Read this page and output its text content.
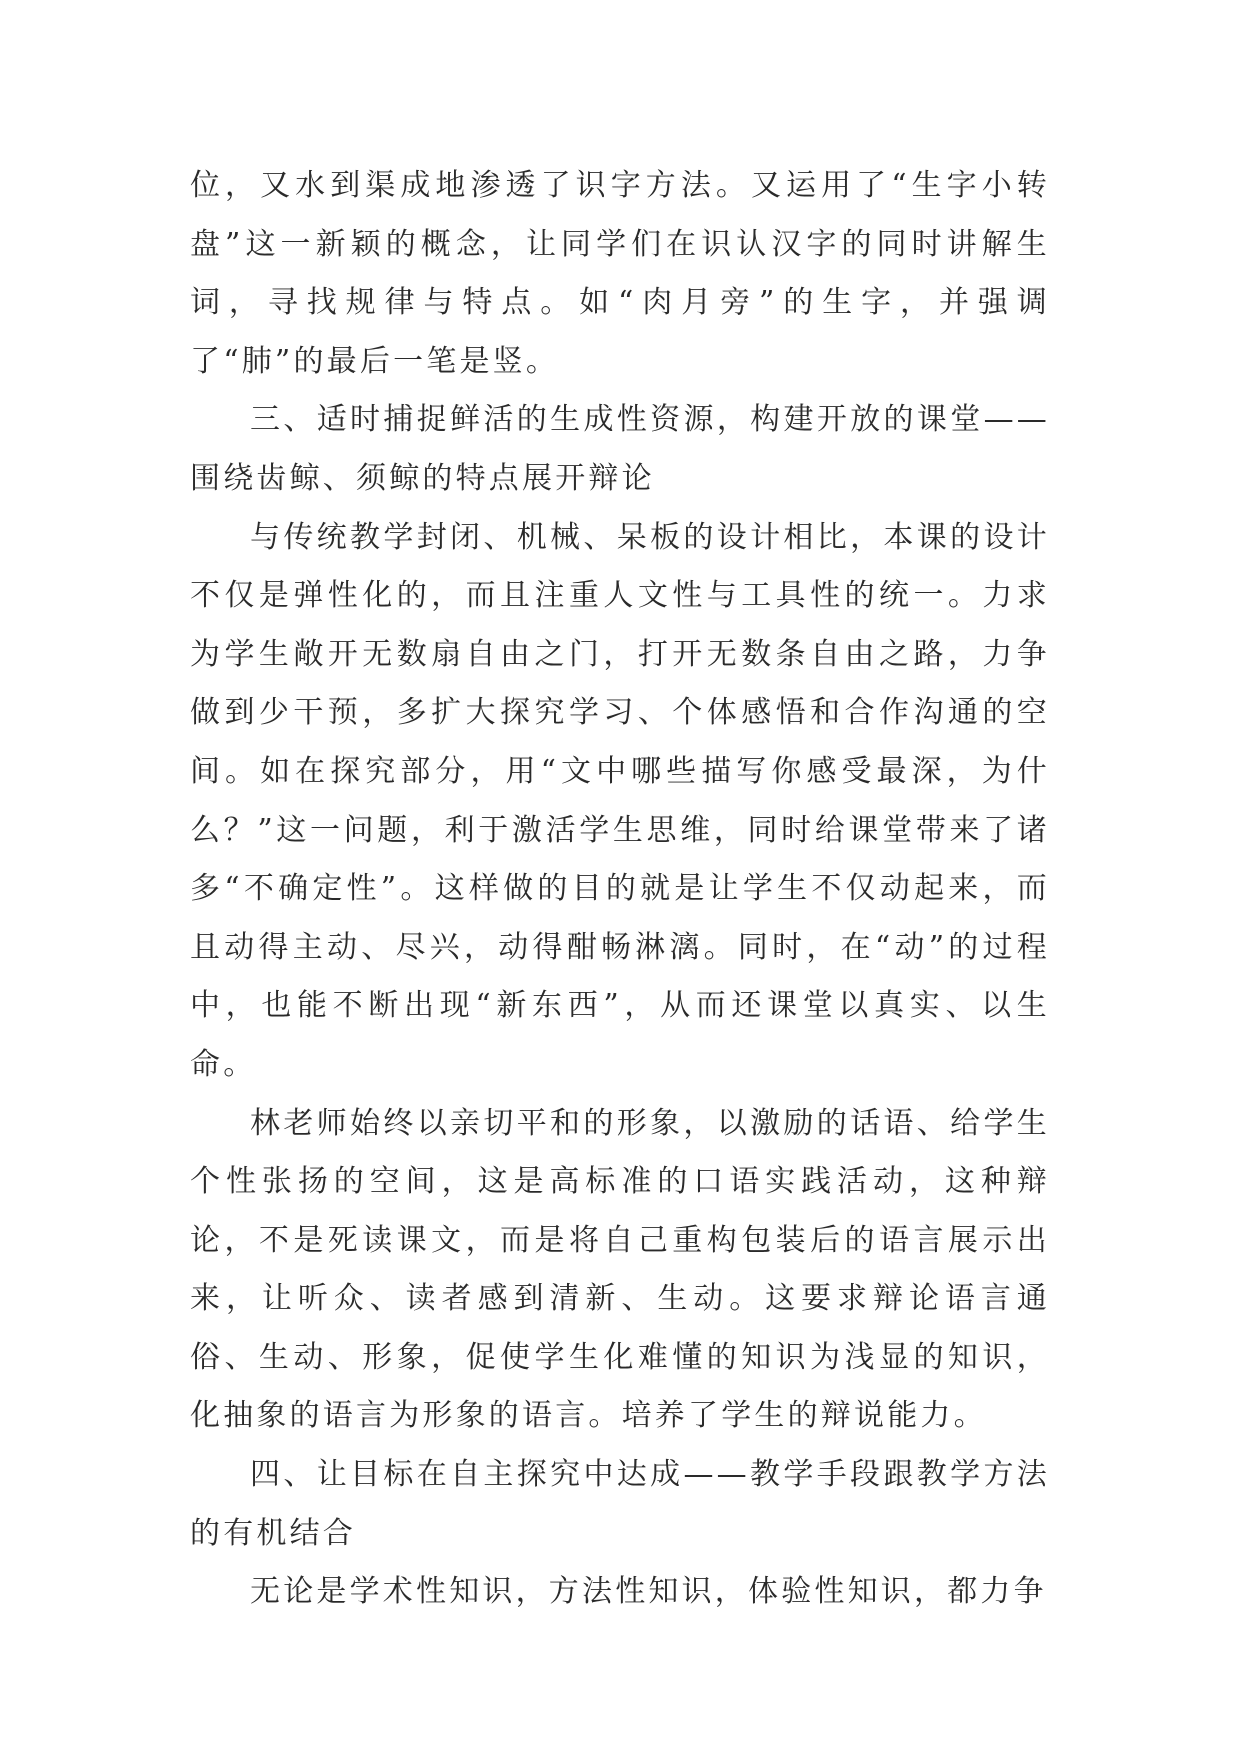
位，又水到渠成地渗透了识字方法。又运用了“生字小转盘”这一新颖的概念，让同学们在识认汉字的同时讲解生词，寻找规律与特点。如“肉月旁”的生字，并强调了“肺”的最后一笔是竖。

三、适时捕捉鲜活的生成性资源，构建开放的课堂——围绕齿鲸、须鲸的特点展开辩论

与传统教学封闭、机械、呆板的设计相比，本课的设计不仅是弹性化的，而且注重人文性与工具性的统一。力求为学生敞开无数扇自由之门，打开无数条自由之路，力争做到少干预，多扩大探究学习、个体感悟和合作沟通的空间。如在探究部分，用“文中哪些描写你感受最深，为什么？”这一问题，利于激活学生思维，同时给课堂带来了诸多“不确定性”。这样做的目的就是让学生不仅动起来，而且动得主动、尽兴，动得酣畅淋漓。同时，在“动”的过程中，也能不断出现“新东西”，从而还课堂以真实、以生命。

林老师始终以亲切平和的形象，以激励的话语、给学生个性张扬的空间，这是高标准的口语实践活动，这种辩论，不是死读课文，而是将自己重构包装后的语言展示出来，让听众、读者感到清新、生动。这要求辩论语言通俗、生动、形象，促使学生化难懂的知识为浅显的知识，化抽象的语言为形象的语言。培养了学生的辩说能力。

四、让目标在自主探究中达成——教学手段跟教学方法的有机结合

无论是学术性知识，方法性知识，体验性知识，都力争
